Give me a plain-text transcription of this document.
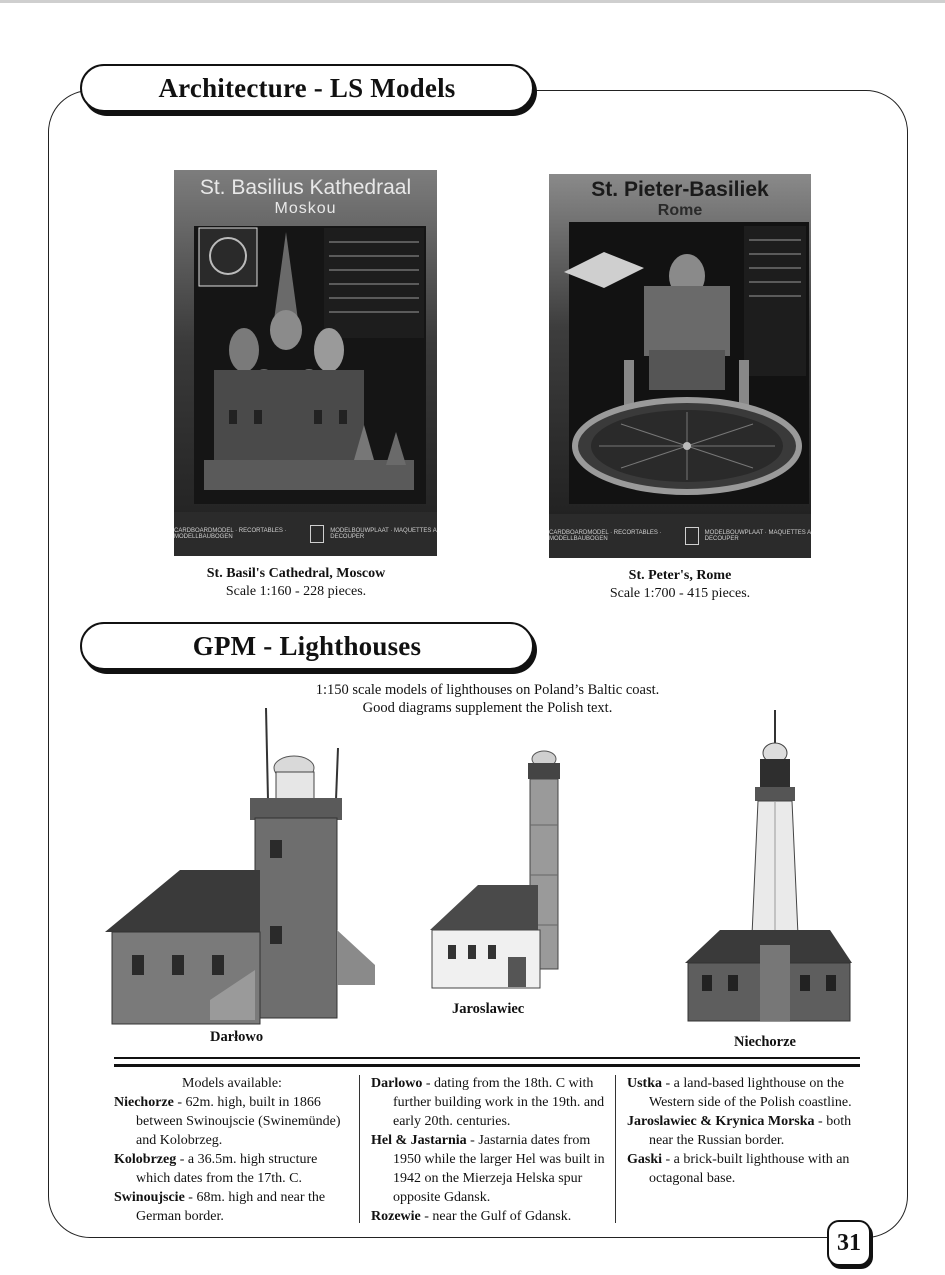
Architecture - LS Models
St. Basilius Kathedraal
Moskou
CARDBOARDMODEL · RECORTABLES · MODELLBAUBOGEN
MODELBOUWPLAAT · MAQUETTES A DECOUPER
St. Basil's Cathedral, Moscow
Scale 1:160 - 228 pieces.
St. Pieter-Basiliek
Rome
CARDBOARDMODEL · RECORTABLES · MODELLBAUBOGEN
MODELBOUWPLAAT · MAQUETTES A DECOUPER
St. Peter's, Rome
Scale 1:700 - 415 pieces.
GPM - Lighthouses
1:150 scale models of lighthouses on Poland’s Baltic coast.
Good diagrams supplement the Polish text.
Darłowo
Jaroslawiec
Niechorze

Models available:

Niechorze - 62m. high, built in 1866 between Swinoujscie (Swinemünde) and Kolobrzeg.

Kolobrzeg - a 36.5m. high structure which dates from the 17th. C.

Swinoujscie - 68m. high and near the German border.

Darlowo - dating from the 18th. C with further building work in the 19th. and early 20th. centuries.

Hel & Jastarnia - Jastarnia dates from 1950 while the larger Hel was built in 1942 on the Mierzeja Helska spur opposite Gdansk.

Rozewie - near the Gulf of Gdansk.

Ustka - a land-based lighthouse on the Western side of the Polish coastline.

Jaroslawiec & Krynica Morska - both near the Russian border.

Gaski - a brick-built lighthouse with an octagonal base.

31
